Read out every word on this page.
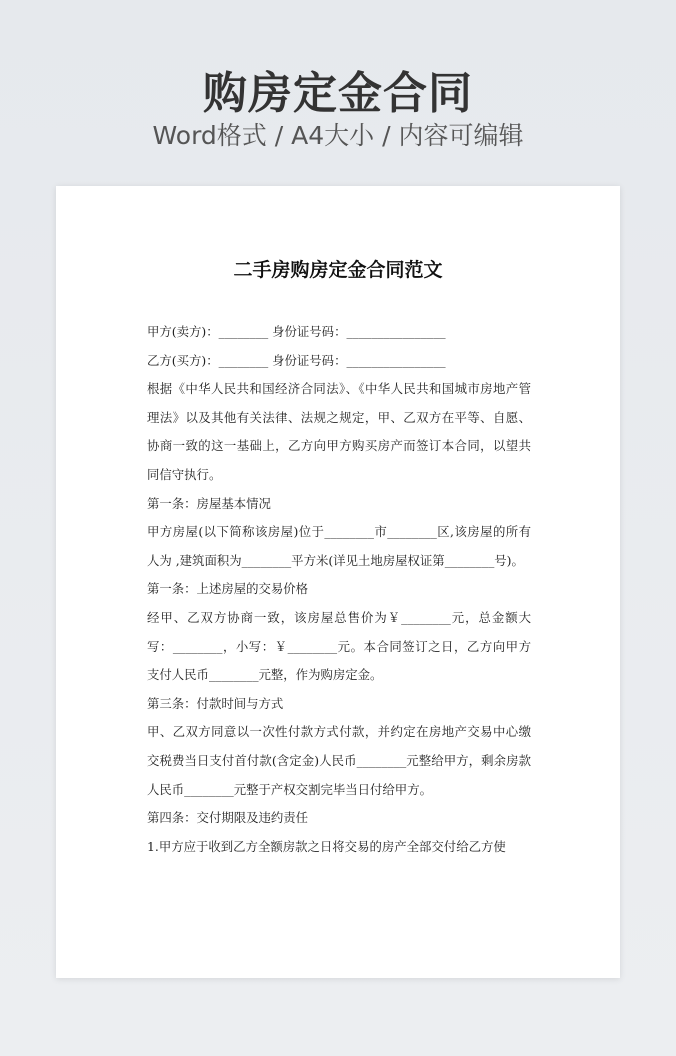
购房定金合同
Word格式 / A4大小 / 内容可编辑
二手房购房定金合同范文
甲方(卖方)：________ 身份证号码：________________
乙方(买方)：________ 身份证号码：________________
根据《中华人民共和国经济合同法》、《中华人民共和国城市房地产管理法》以及其他有关法律、法规之规定，甲、乙双方在平等、自愿、协商一致的这一基础上，乙方向甲方购买房产而签订本合同，以望共同信守执行。
第一条：房屋基本情况
甲方房屋(以下简称该房屋)位于________市________区,该房屋的所有人为 ,建筑面积为________平方米(详见土地房屋权证第________号)。
第一条：上述房屋的交易价格
经甲、乙双方协商一致，该房屋总售价为￥________元，总金额大写：________，小写：￥________元。本合同签订之日，乙方向甲方支付人民币________元整，作为购房定金。
第三条：付款时间与方式
甲、乙双方同意以一次性付款方式付款，并约定在房地产交易中心缴交税费当日支付首付款(含定金)人民币________元整给甲方，剩余房款人民币________元整于产权交割完毕当日付给甲方。
第四条：交付期限及违约责任
1.甲方应于收到乙方全额房款之日将交易的房产全部交付给乙方使
